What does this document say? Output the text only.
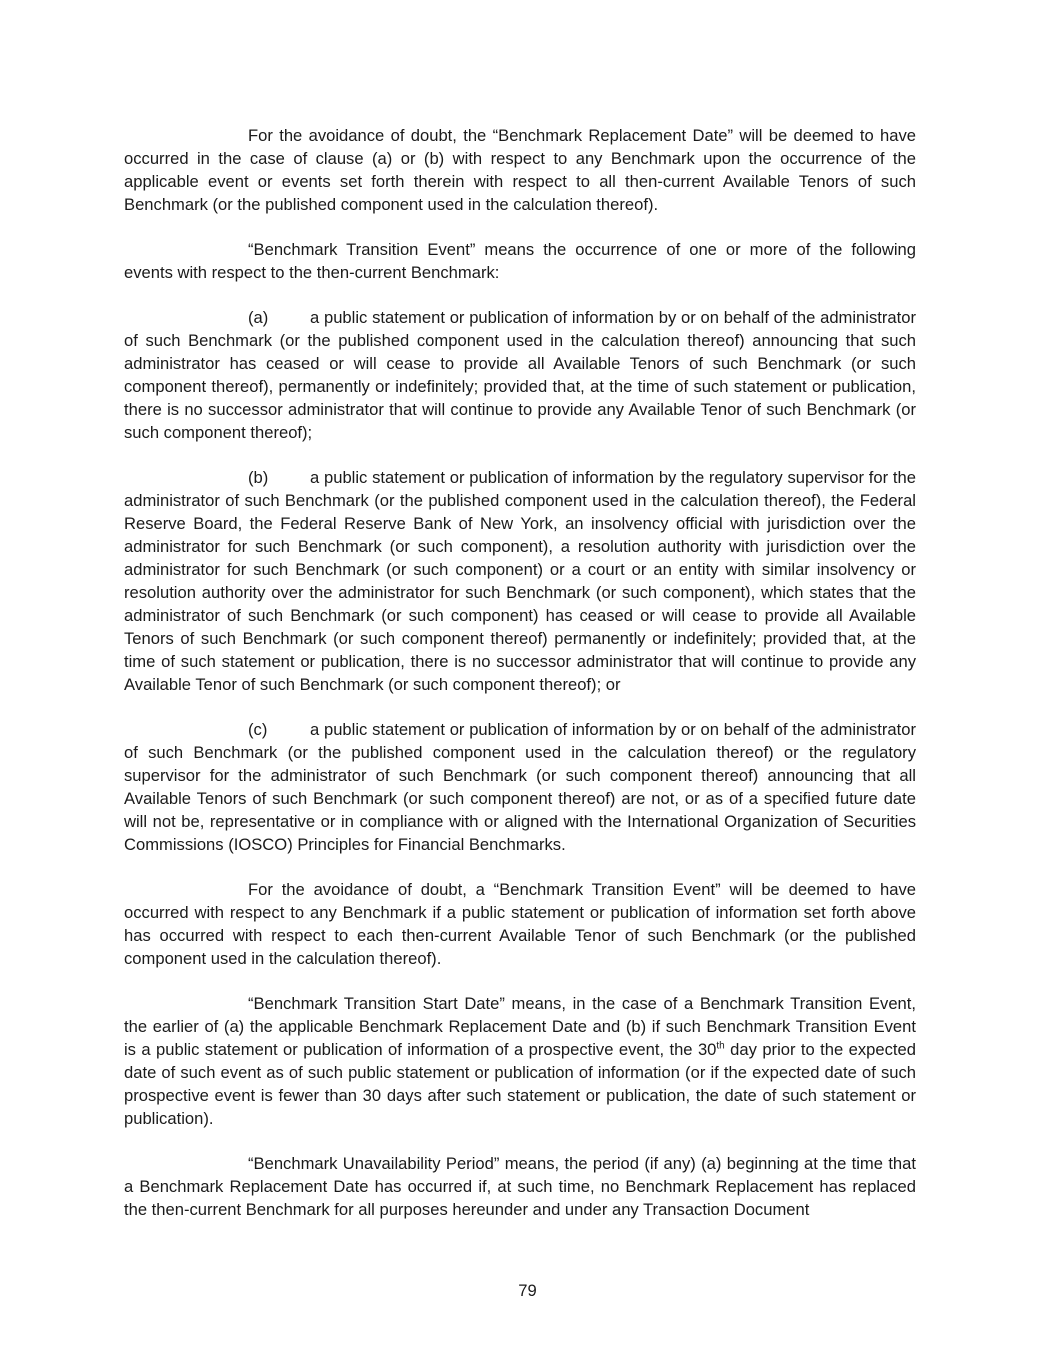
For the avoidance of doubt, the “Benchmark Replacement Date” will be deemed to have occurred in the case of clause (a) or (b) with respect to any Benchmark upon the occurrence of the applicable event or events set forth therein with respect to all then-current Available Tenors of such Benchmark (or the published component used in the calculation thereof).

“Benchmark Transition Event” means the occurrence of one or more of the following events with respect to the then-current Benchmark:

(a)	a public statement or publication of information by or on behalf of the administrator of such Benchmark (or the published component used in the calculation thereof) announcing that such administrator has ceased or will cease to provide all Available Tenors of such Benchmark (or such component thereof), permanently or indefinitely; provided that, at the time of such statement or publication, there is no successor administrator that will continue to provide any Available Tenor of such Benchmark (or such component thereof);

(b)	a public statement or publication of information by the regulatory supervisor for the administrator of such Benchmark (or the published component used in the calculation thereof), the Federal Reserve Board, the Federal Reserve Bank of New York, an insolvency official with jurisdiction over the administrator for such Benchmark (or such component), a resolution authority with jurisdiction over the administrator for such Benchmark (or such component) or a court or an entity with similar insolvency or resolution authority over the administrator for such Benchmark (or such component), which states that the administrator of such Benchmark (or such component) has ceased or will cease to provide all Available Tenors of such Benchmark (or such component thereof) permanently or indefinitely; provided that, at the time of such statement or publication, there is no successor administrator that will continue to provide any Available Tenor of such Benchmark (or such component thereof); or

(c)	a public statement or publication of information by or on behalf of the administrator of such Benchmark (or the published component used in the calculation thereof) or the regulatory supervisor for the administrator of such Benchmark (or such component thereof) announcing that all Available Tenors of such Benchmark (or such component thereof) are not, or as of a specified future date will not be, representative or in compliance with or aligned with the International Organization of Securities Commissions (IOSCO) Principles for Financial Benchmarks.

For the avoidance of doubt, a “Benchmark Transition Event” will be deemed to have occurred with respect to any Benchmark if a public statement or publication of information set forth above has occurred with respect to each then-current Available Tenor of such Benchmark (or the published component used in the calculation thereof).

“Benchmark Transition Start Date” means, in the case of a Benchmark Transition Event, the earlier of (a) the applicable Benchmark Replacement Date and (b) if such Benchmark Transition Event is a public statement or publication of information of a prospective event, the 30th day prior to the expected date of such event as of such public statement or publication of information (or if the expected date of such prospective event is fewer than 30 days after such statement or publication, the date of such statement or publication).

“Benchmark Unavailability Period” means, the period (if any) (a) beginning at the time that a Benchmark Replacement Date has occurred if, at such time, no Benchmark Replacement has replaced the then-current Benchmark for all purposes hereunder and under any Transaction Document

79
